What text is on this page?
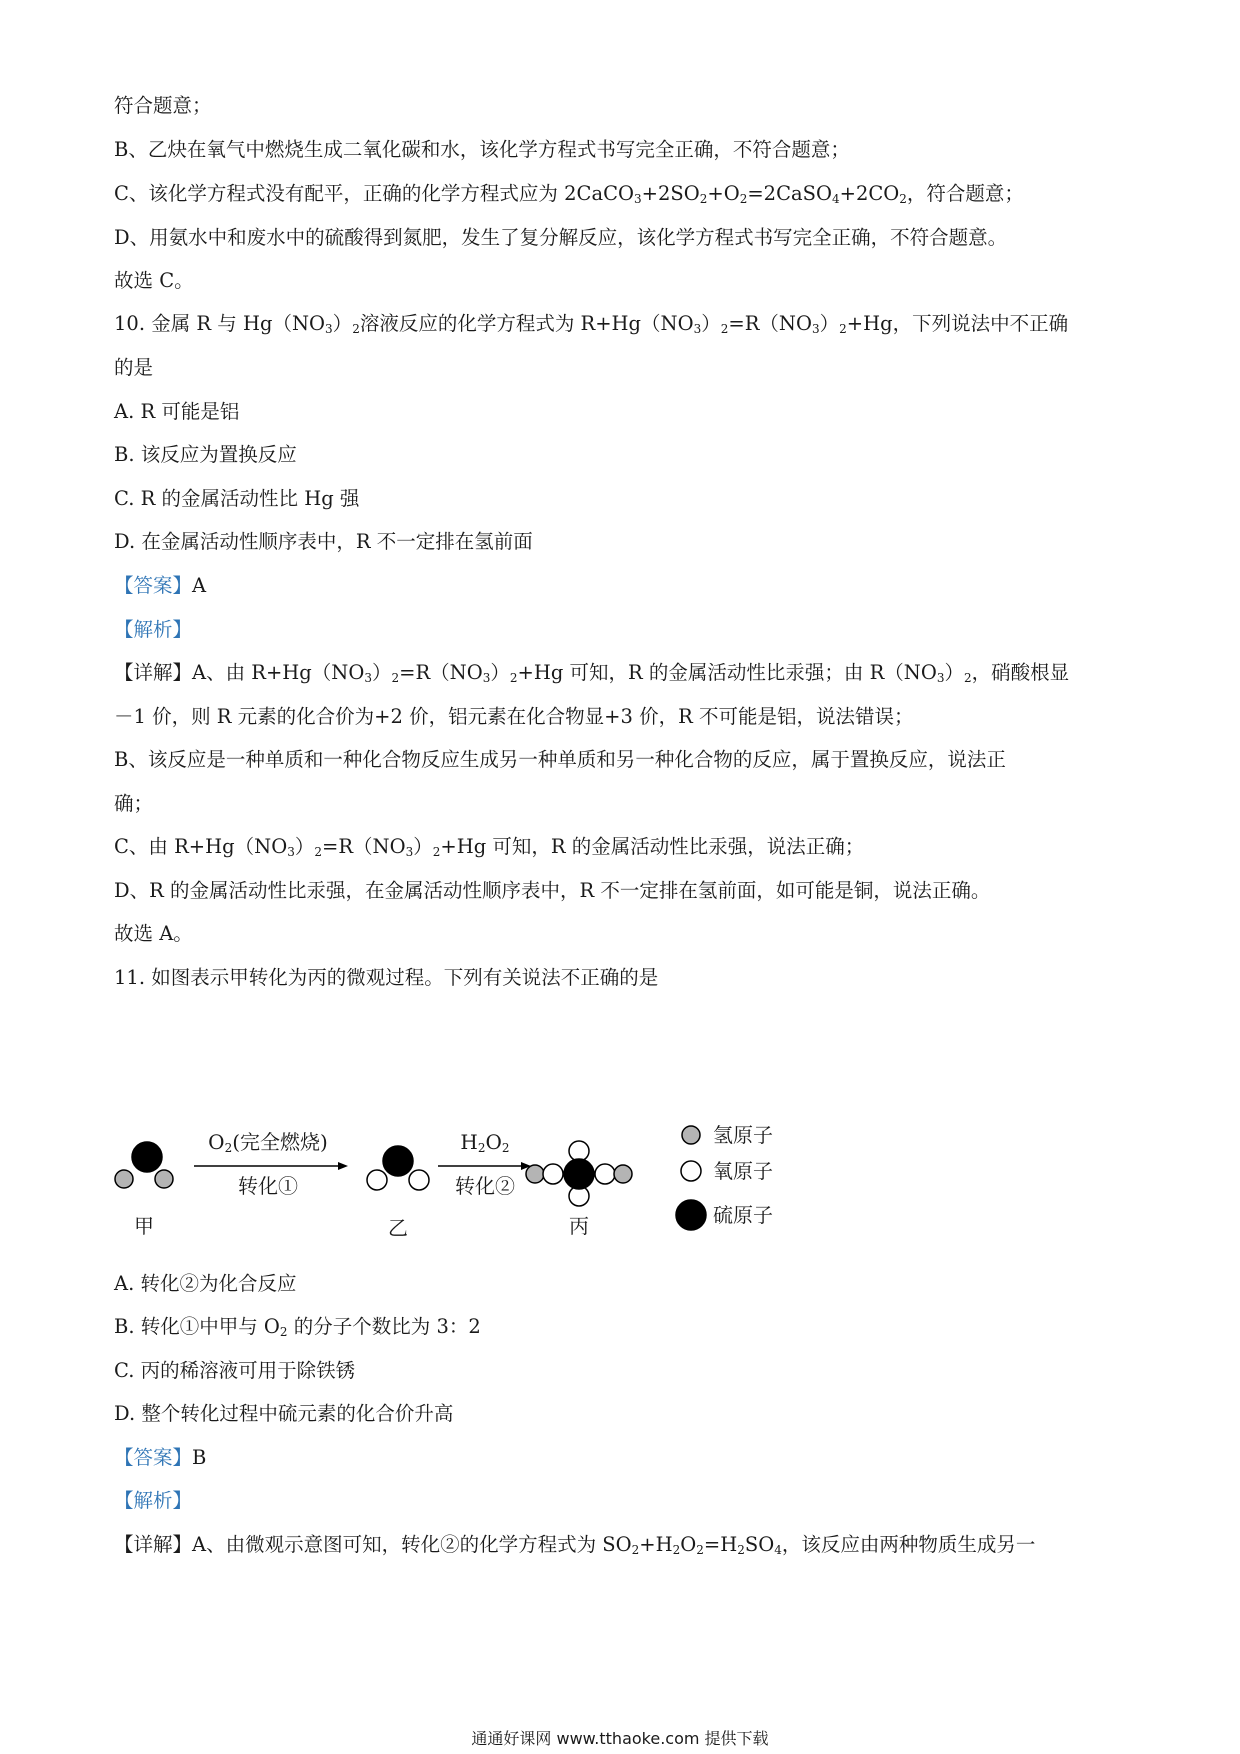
符合题意；
B、乙炔在氧气中燃烧生成二氧化碳和水，该化学方程式书写完全正确，不符合题意；
C、该化学方程式没有配平，正确的化学方程式应为 $2CaCO_3+2SO_2+O_2=2CaSO_4+2CO_2$，符合题意；
D、用氨水中和废水中的硫酸得到氮肥，发生了复分解反应，该化学方程式书写完全正确，不符合题意。
故选 C。
10. 金属 R 与 $Hg(NO_3)_2$溶液反应的化学方程式为 $R+Hg(NO_3)_2=R(NO_3)_2+Hg$，下列说法中不正确
的是
A. R 可能是铝
B. 该反应为置换反应
C. R 的金属活动性比 Hg 强
D. 在金属活动性顺序表中，R 不一定排在氢前面
【答案】A
【解析】
【详解】A、由 $R+Hg(NO_3)_2=R(NO_3)_2+Hg$ 可知，R 的金属活动性比汞强；由 $R(NO_3)_2$，硝酸根显
－1 价，则 R 元素的化合价为+2 价，铝元素在化合物显+3 价，R 不可能是铝，说法错误；
B、该反应是一种单质和一种化合物反应生成另一种单质和另一种化合物的反应，属于置换反应，说法正
确；
C、由 $R+Hg(NO_3)_2=R(NO_3)_2+Hg$ 可知，R 的金属活动性比汞强，说法正确；
D、R 的金属活动性比汞强，在金属活动性顺序表中，R 不一定排在氢前面，如可能是铜，说法正确。
故选 A。
11. 如图表示甲转化为丙的微观过程。下列有关说法不正确的是
$O_2$(完全燃烧)
转化①
$H_2O_2$
转化②
甲	乙	丙
氢原子
氧原子
硫原子
A. 转化②为化合反应
B. 转化①中甲与 $O_2$ 的分子个数比为 3：2
C. 丙的稀溶液可用于除铁锈
D. 整个转化过程中硫元素的化合价升高
【答案】B
【解析】
【详解】A、由微观示意图可知，转化②的化学方程式为 $SO_2+H_2O_2=H_2SO_4$，该反应由两种物质生成另一
通通好课网 www.tthaoke.com 提供下载
